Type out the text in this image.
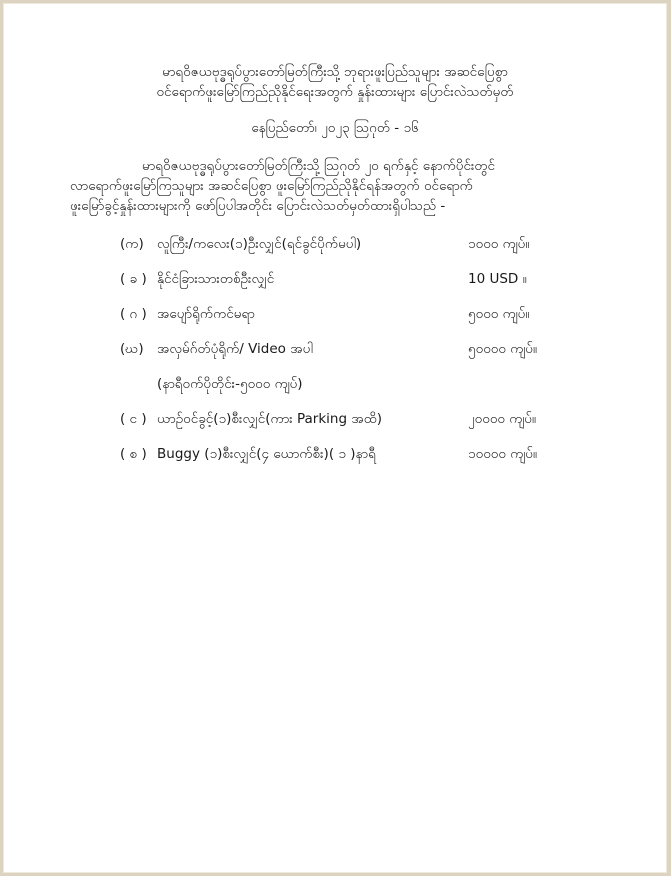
မာရဝိဇယဗုဒ္ဓရုပ်ပွားတော်မြတ်ကြီးသို့ ဘုရားဖူးပြည်သူများ အဆင်ပြေစွာ
ဝင်ရောက်ဖူးမြော်ကြည်ညိုနိုင်ရေးအတွက် နှုန်းထားများ ပြောင်းလဲသတ်မှတ်
နေပြည်တော်၊ ၂၀၂၃ ဩဂုတ် - ၁၆
မာရဝိဇယဗုဒ္ဓရုပ်ပွားတော်မြတ်ကြီးသို့ ဩဂုတ် ၂၀ ရက်နှင့် နောက်ပိုင်းတွင်
လာရောက်ဖူးမြော်ကြသူများ အဆင်ပြေစွာ ဖူးမြော်ကြည်ညိုနိုင်ရန်အတွက် ဝင်ရောက်
ဖူးမြော်ခွင့်နှုန်းထားများကို ဖော်ပြပါအတိုင်း ပြောင်းလဲသတ်မှတ်ထားရှိပါသည် -
(က) လူကြီး/ကလေး(၁)ဦးလျှင်(ရင်ခွင်ပိုက်မပါ)	၁၀၀၀ ကျပ်။
( ခ ) နိုင်ငံခြားသားတစ်ဦးလျှင်	10 USD ။
( ဂ ) အပျော်ရိုက်ကင်မရာ	၅၀၀၀ ကျပ်။
(ဃ) အလှမ်ဂ်တ်ပုံရိုက်/ Video အပါ	၅၀၀၀၀ ကျပ်။
(နာရီဝက်ပိုတိုင်း-၅၀၀၀ ကျပ်)
( င ) ယာဉ်ဝင်ခွင့်(၁)စီးလျှင်(ကား Parking အထိ)	၂၀၀၀၀ ကျပ်။
( စ ) Buggy (၁)စီးလျှင်(၄ ယောက်စီး)( ၁ )နာရီ	၁၀၀၀၀ ကျပ်။
